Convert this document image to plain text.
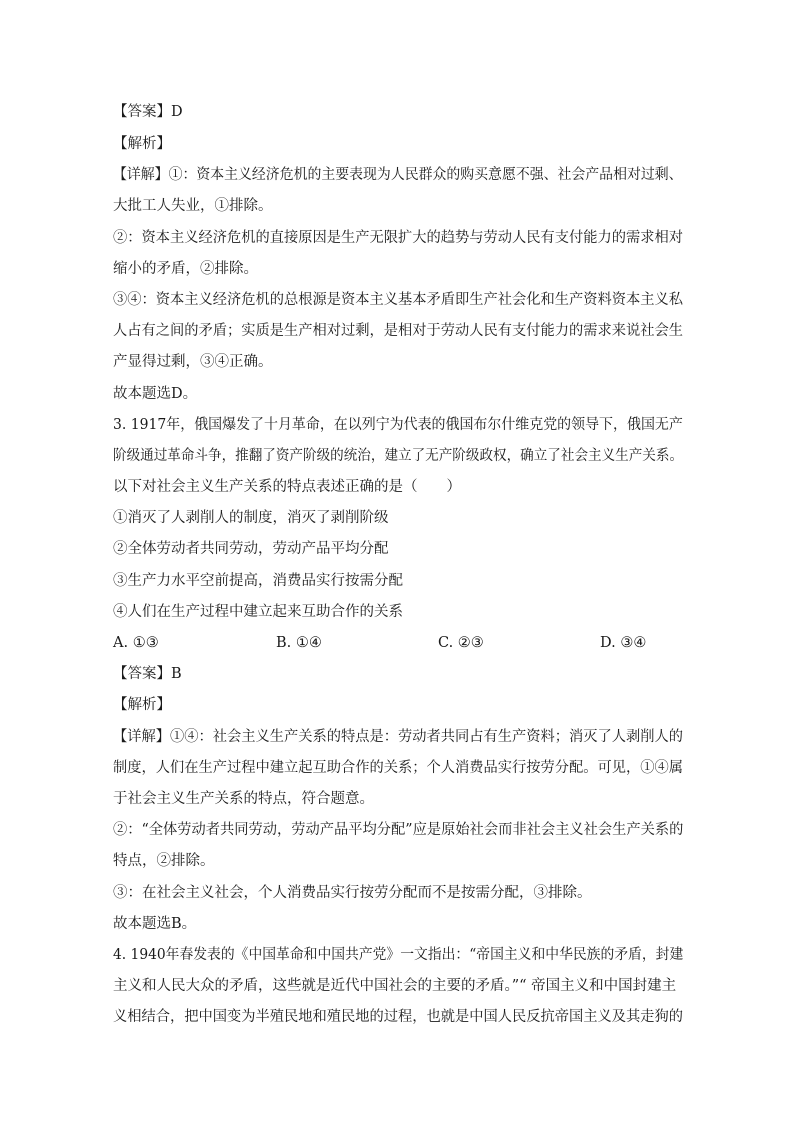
【答案】D
【解析】
【详解】①：资本主义经济危机的主要表现为人民群众的购买意愿不强、社会产品相对过剩、
大批工人失业，①排除。
②：资本主义经济危机的直接原因是生产无限扩大的趋势与劳动人民有支付能力的需求相对
缩小的矛盾，②排除。
③④：资本主义经济危机的总根源是资本主义基本矛盾即生产社会化和生产资料资本主义私
人占有之间的矛盾；实质是生产相对过剩，是相对于劳动人民有支付能力的需求来说社会生
产显得过剩，③④正确。
故本题选D。
3. 1917年，俄国爆发了十月革命，在以列宁为代表的俄国布尔什维克党的领导下，俄国无产
阶级通过革命斗争，推翻了资产阶级的统治，建立了无产阶级政权，确立了社会主义生产关系。
以下对社会主义生产关系的特点表述正确的是（　　）
①消灭了人剥削人的制度，消灭了剥削阶级
②全体劳动者共同劳动，劳动产品平均分配
③生产力水平空前提高，消费品实行按需分配
④人们在生产过程中建立起来互助合作的关系
A. ①③	B. ①④	C. ②③	D. ③④
【答案】B
【解析】
【详解】①④：社会主义生产关系的特点是：劳动者共同占有生产资料；消灭了人剥削人的
制度，人们在生产过程中建立起互助合作的关系；个人消费品实行按劳分配。可见，①④属
于社会主义生产关系的特点，符合题意。
②：“全体劳动者共同劳动，劳动产品平均分配”应是原始社会而非社会主义社会生产关系的
特点，②排除。
③：在社会主义社会，个人消费品实行按劳分配而不是按需分配，③排除。
故本题选B。
4. 1940年春发表的《中国革命和中国共产党》一文指出：“帝国主义和中华民族的矛盾，封建
主义和人民大众的矛盾，这些就是近代中国社会的主要的矛盾。”“ 帝国主义和中国封建主
义相结合，把中国变为半殖民地和殖民地的过程，也就是中国人民反抗帝国主义及其走狗的
